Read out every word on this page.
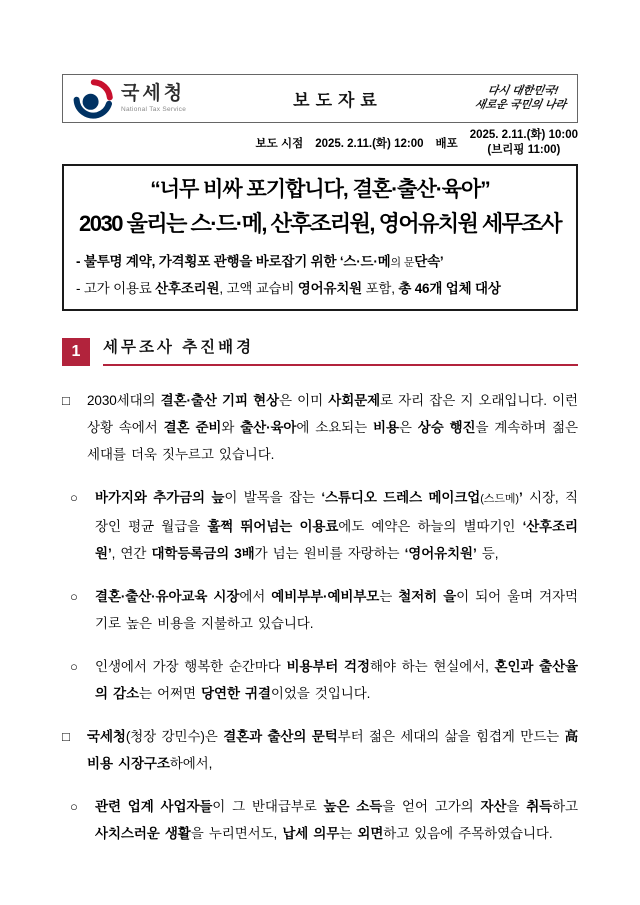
국세청
National Tax Service	보도자료
다시 대한민국!
새로운 국민의 나라
보도 시점 2025. 2.11.(화) 12:00 배포
2025. 2.11.(화) 10:00
(브리핑 11:00)
“너무 비싸 포기합니다, 결혼·출산·육아”
2030 울리는 스·드·메, 산후조리원, 영어유치원 세무조사
- 불투명 계약, 가격횡포 관행을 바로잡기 위한 ‘스·드·메의 문단속’
- 고가 이용료 산후조리원, 고액 교습비 영어유치원 포함, 총 46개 업체 대상
1	세무조사 추진배경
□	2030세대의 결혼·출산 기피 현상은 이미 사회문제로 자리 잡은 지 오래입니다. 이런 상황 속에서 결혼 준비와 출산·육아에 소요되는 비용은 상승 행진을 계속하며 젊은 세대를 더욱 짓누르고 있습니다.
○	바가지와 추가금의 늪이 발목을 잡는 ‘스튜디오 드레스 메이크업(스드메)’ 시장, 직장인 평균 월급을 훌쩍 뛰어넘는 이용료에도 예약은 하늘의 별따기인 ‘산후조리원’, 연간 대학등록금의 3배가 넘는 원비를 자랑하는 ‘영어유치원’ 등,
○	결혼·출산·유아교육 시장에서 예비부부·예비부모는 철저히 을이 되어 울며 겨자먹기로 높은 비용을 지불하고 있습니다.
○	인생에서 가장 행복한 순간마다 비용부터 걱정해야 하는 현실에서, 혼인과 출산율의 감소는 어쩌면 당연한 귀결이었을 것입니다.
□	국세청(청장 강민수)은 결혼과 출산의 문턱부터 젊은 세대의 삶을 힘겹게 만드는 高비용 시장구조하에서,
○	관련 업계 사업자들이 그 반대급부로 높은 소득을 얻어 고가의 자산을 취득하고 사치스러운 생활을 누리면서도, 납세 의무는 외면하고 있음에 주목하였습니다.
